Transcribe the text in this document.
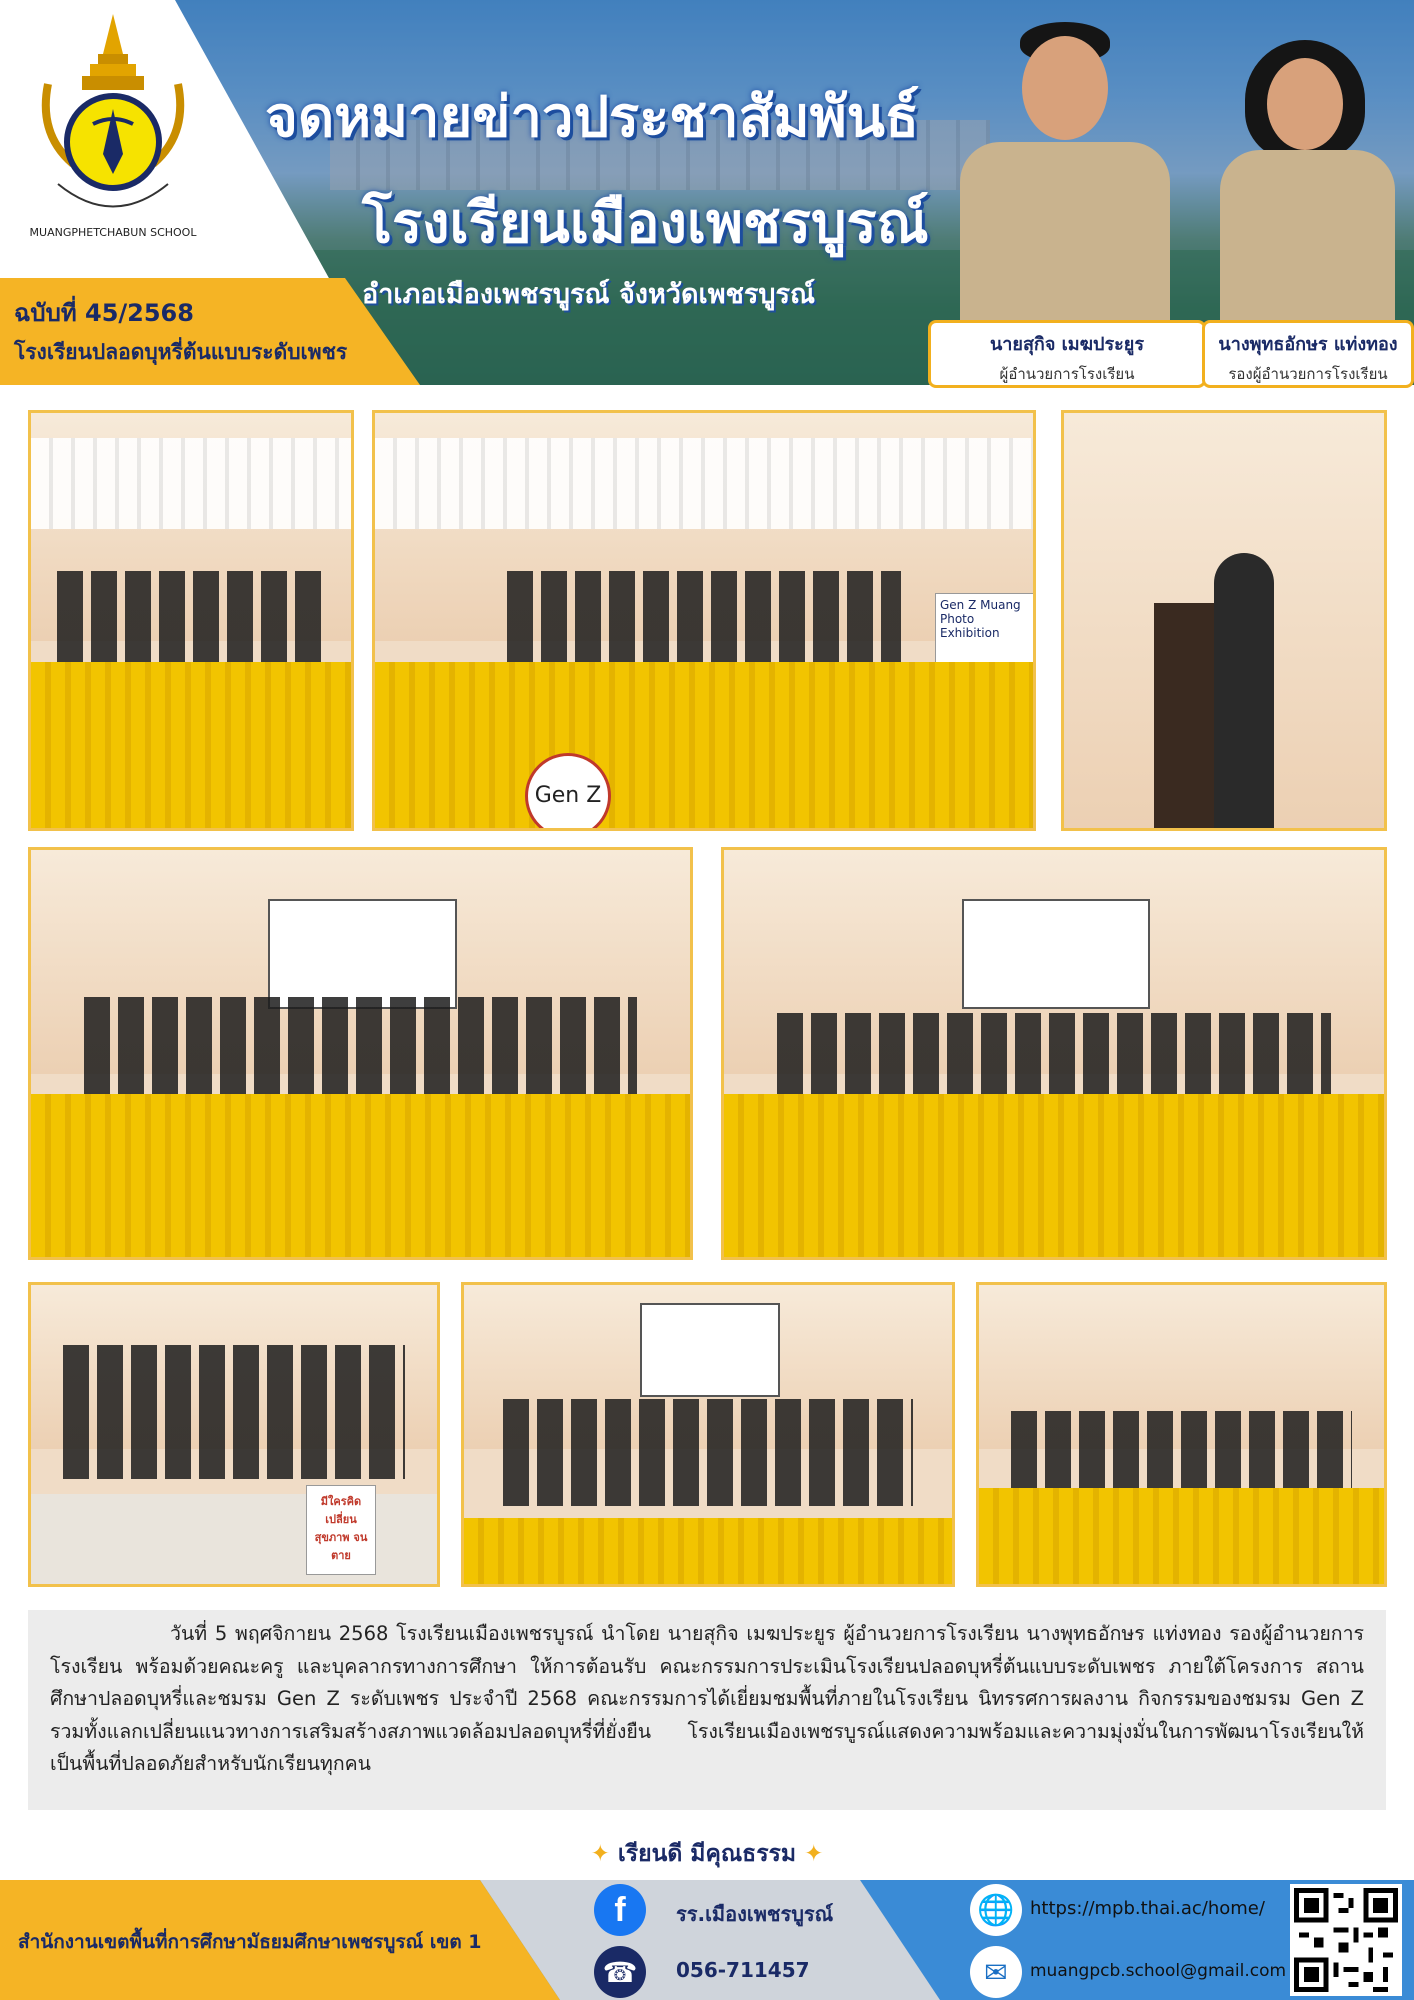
MUANGPHETCHABUN SCHOOL
ฉบับที่ 45/2568
โรงเรียนปลอดบุหรี่ต้นแบบระดับเพชร
จดหมายข่าวประชาสัมพันธ์
โรงเรียนเมืองเพชรบูรณ์
อำเภอเมืองเพชรบูรณ์ จังหวัดเพชรบูรณ์
นายสุกิจ เมฆประยูร
ผู้อำนวยการโรงเรียน
นางพุทธอักษร แท่งทอง
รองผู้อำนวยการโรงเรียน
Gen Z Muang Photo Exhibition
Gen Z
มีใครคิดเปลี่ยน สุขภาพ จนตาย
วันที่ 5 พฤศจิกายน 2568 โรงเรียนเมืองเพชรบูรณ์ นำโดย นายสุกิจ เมฆประยูร ผู้อำนวยการโรงเรียน นางพุทธอักษร แท่งทอง รองผู้อำนวยการโรงเรียน พร้อมด้วยคณะครู และบุคลากรทางการศึกษา ให้การต้อนรับ คณะกรรมการประเมินโรงเรียนปลอดบุหรี่ต้นแบบระดับเพชร ภายใต้โครงการ สถานศึกษาปลอดบุหรี่และชมรม Gen Z ระดับเพชร ประจำปี 2568 คณะกรรมการได้เยี่ยมชมพื้นที่ภายในโรงเรียน นิทรรศการผลงาน กิจกรรมของชมรม Gen Z รวมทั้งแลกเปลี่ยนแนวทางการเสริมสร้างสภาพแวดล้อมปลอดบุหรี่ที่ยั่งยืน โรงเรียนเมืองเพชรบูรณ์แสดงความพร้อมและความมุ่งมั่นในการพัฒนาโรงเรียนให้เป็นพื้นที่ปลอดภัยสำหรับนักเรียนทุกคน
✦ เรียนดี มีคุณธรรม ✦
สำนักงานเขตพื้นที่การศึกษามัธยมศึกษาเพชรบูรณ์ เขต 1
f	รร.เมืองเพชรบูรณ์
☎	056-711457
🌐 https://mpb.thai.ac/home/
✉	muangpcb.school@gmail.com
